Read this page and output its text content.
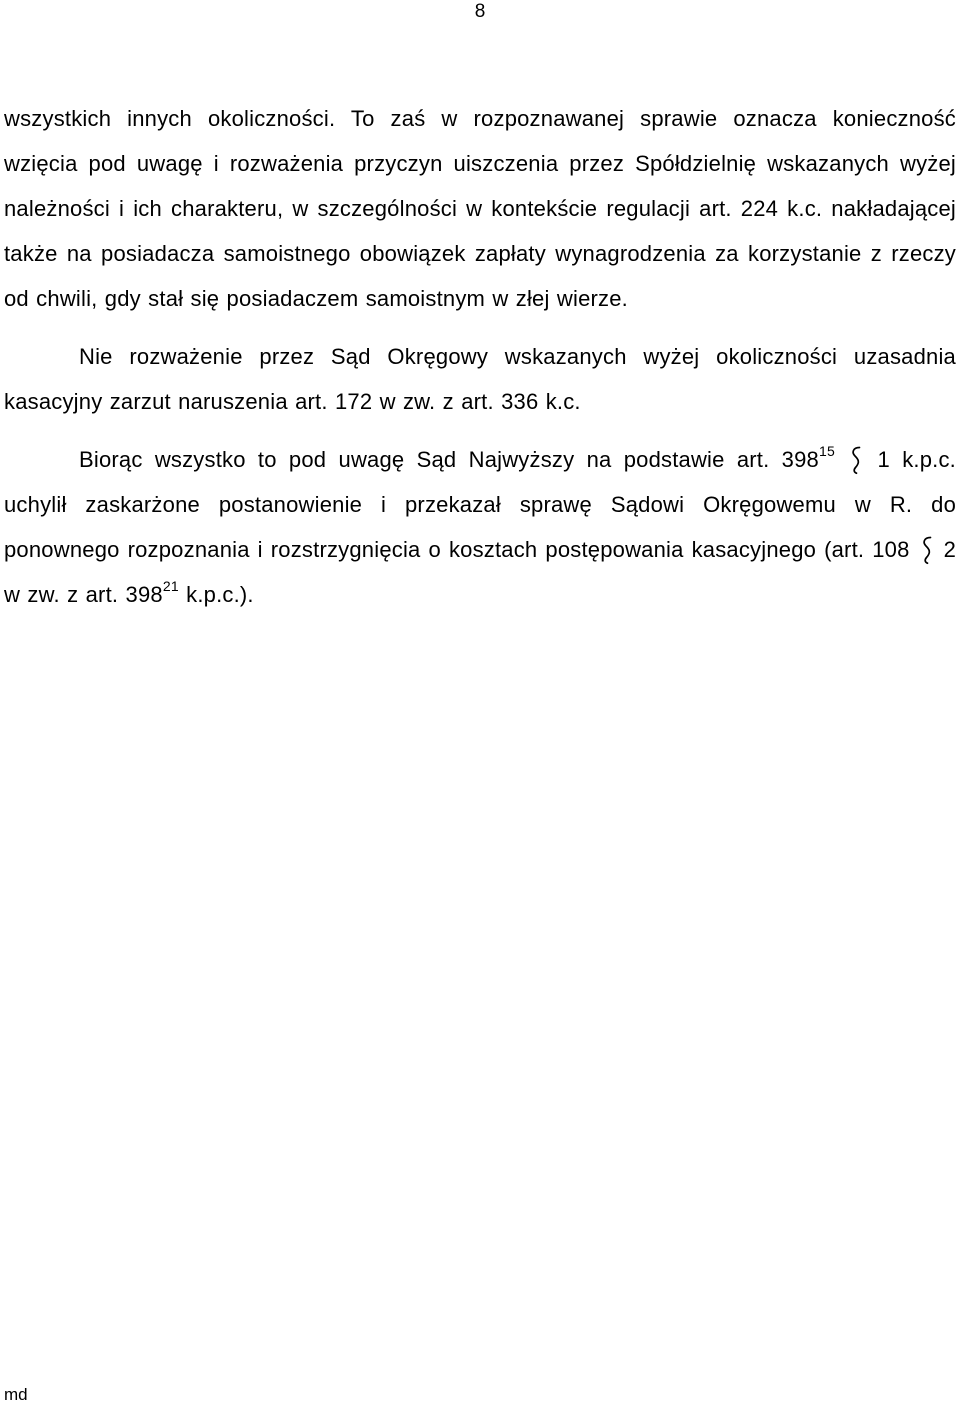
8

wszystkich innych okoliczności. To zaś w rozpoznawanej sprawie oznacza konieczność wzięcia pod uwagę i rozważenia przyczyn uiszczenia przez Spółdzielnię wskazanych wyżej należności i ich charakteru, w szczególności w kontekście regulacji art. 224 k.c. nakładającej także na posiadacza samoistnego obowiązek zapłaty wynagrodzenia za korzystanie z rzeczy od chwili, gdy stał się posiadaczem samoistnym w złej wierze.

Nie rozważenie przez Sąd Okręgowy wskazanych wyżej okoliczności uzasadnia kasacyjny zarzut naruszenia art. 172 w zw. z art. 336 k.c.

Biorąc wszystko to pod uwagę Sąd Najwyższy na podstawie art. $398^{15}$ 1 k.p.c. uchylił zaskarżone postanowienie i przekazał sprawę Sądowi Okręgowemu w R. do ponownego rozpoznania i rozstrzygnięcia o kosztach postępowania kasacyjnego (art. 108 2 w zw. z art. $398^{21}$ k.p.c.).

md
